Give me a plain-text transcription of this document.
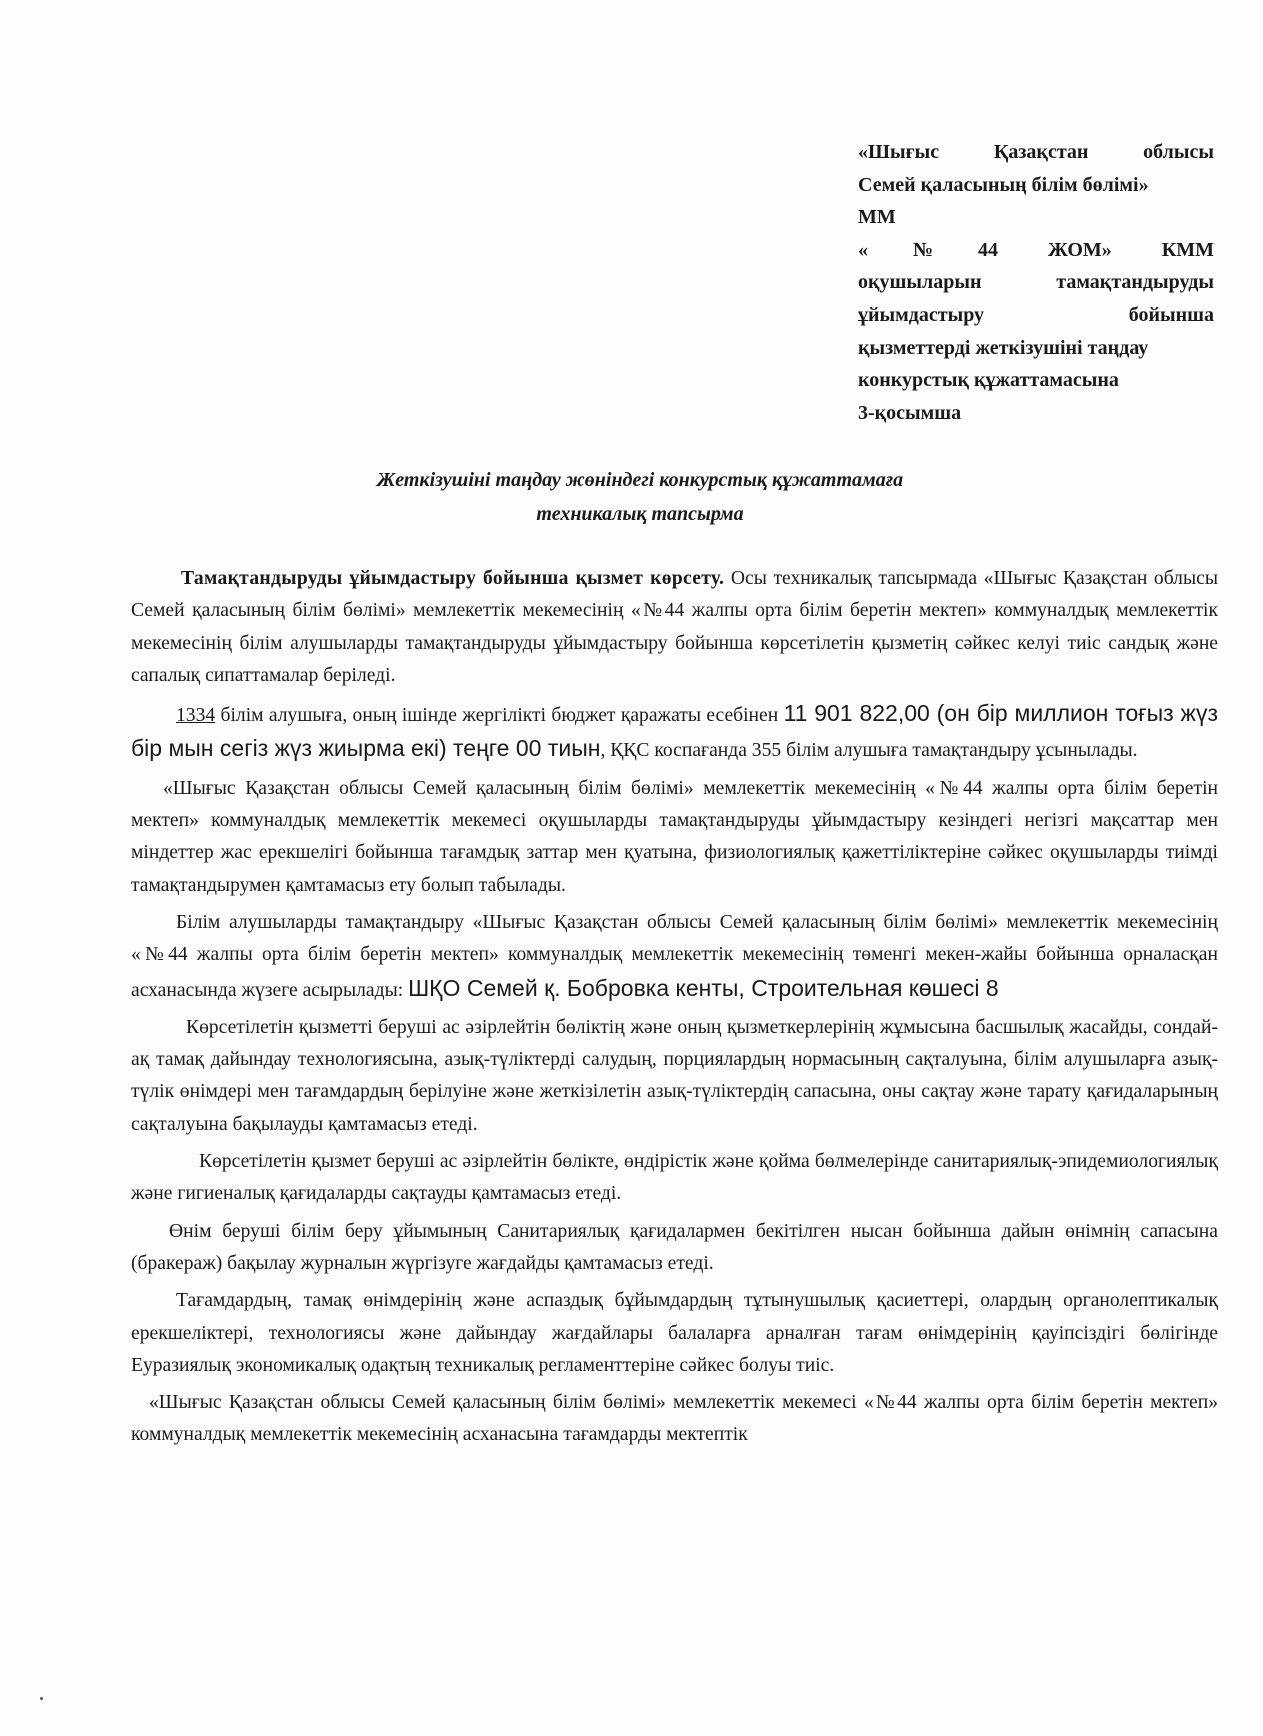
«Шығыс Қазақстан облысы
Семей қаласының білім бөлімі»
ММ
«№44 ЖОМ» КММ
оқушыларын тамақтандыруды
ұйымдастыру бойынша
қызметтерді жеткізушіні таңдау
конкурстық құжаттамасына
3-қосымша
Жеткізушіні таңдау жөніндегі конкурстық құжаттамаға
техникалық тапсырма

Тамақтандыруды ұйымдастыру бойынша қызмет көрсету. Осы техникалық тапсырмада «Шығыс Қазақстан облысы Семей қаласының білім бөлімі» мемлекеттік мекемесінің «№44 жалпы орта білім беретін мектеп» коммуналдық мемлекеттік мекемесінің білім алушыларды тамақтандыруды ұйымдастыру бойынша көрсетілетін қызметің сәйкес келуі тиіс сандық және сапалық сипаттамалар беріледі.

1334 білім алушыға, оның ішінде жергілікті бюджет қаражаты есебінен 11 901 822,00 (он бір миллион тоғыз жүз бір мын сегіз жүз жиырма екі) теңге 00 тиын, ҚҚС коспағанда 355 білім алушыға тамақтандыру ұсынылады.

«Шығыс Қазақстан облысы Семей қаласының білім бөлімі» мемлекеттік мекемесінің «№44 жалпы орта білім беретін мектеп» коммуналдық мемлекеттік мекемесі оқушыларды тамақтандыруды ұйымдастыру кезіндегі негізгі мақсаттар мен міндеттер жас ерекшелігі бойынша тағамдық заттар мен қуатына, физиологиялық қажеттіліктеріне сәйкес оқушыларды тиімді тамақтандырумен қамтамасыз ету болып табылады.

Білім алушыларды тамақтандыру «Шығыс Қазақстан облысы Семей қаласының білім бөлімі» мемлекеттік мекемесінің «№44 жалпы орта білім беретін мектеп» коммуналдық мемлекеттік мекемесінің төменгі мекен-жайы бойынша орналасқан асханасында жүзеге асырылады: ШҚО Семей қ. Бобровка кенты, Строительная көшесі 8

Көрсетілетін қызметті беруші ас әзірлейтін бөліктің және оның қызметкерлерінің жұмысына басшылық жасайды, сондай-ақ тамақ дайындау технологиясына, азық-түліктерді салудың, порциялардың нормасының сақталуына, білім алушыларға азық-түлік өнімдері мен тағамдардың берілуіне және жеткізілетін азық-түліктердің сапасына, оны сақтау және тарату қағидаларының сақталуына бақылауды қамтамасыз етеді.

Көрсетілетін қызмет беруші ас әзірлейтін бөлікте, өндірістік және қойма бөлмелерінде санитариялық-эпидемиологиялық және гигиеналық қағидаларды сақтауды қамтамасыз етеді.

Өнім беруші білім беру ұйымының Санитариялық қағидалармен бекітілген нысан бойынша дайын өнімнің сапасына (бракераж) бақылау журналын жүргізуге жағдайды қамтамасыз етеді.

Тағамдардың, тамақ өнімдерінің және аспаздық бұйымдардың тұтынушылық қасиеттері, олардың органолептикалық ерекшеліктері, технологиясы және дайындау жағдайлары балаларға арналған тағам өнімдерінің қауіпсіздігі бөлігінде Еуразиялық экономикалық одақтың техникалық регламенттеріне сәйкес болуы тиіс.

«Шығыс Қазақстан облысы Семей қаласының білім бөлімі» мемлекеттік мекемесі «№44 жалпы орта білім беретін мектеп» коммуналдық мемлекеттік мекемесінің асханасына тағамдарды мектептік
